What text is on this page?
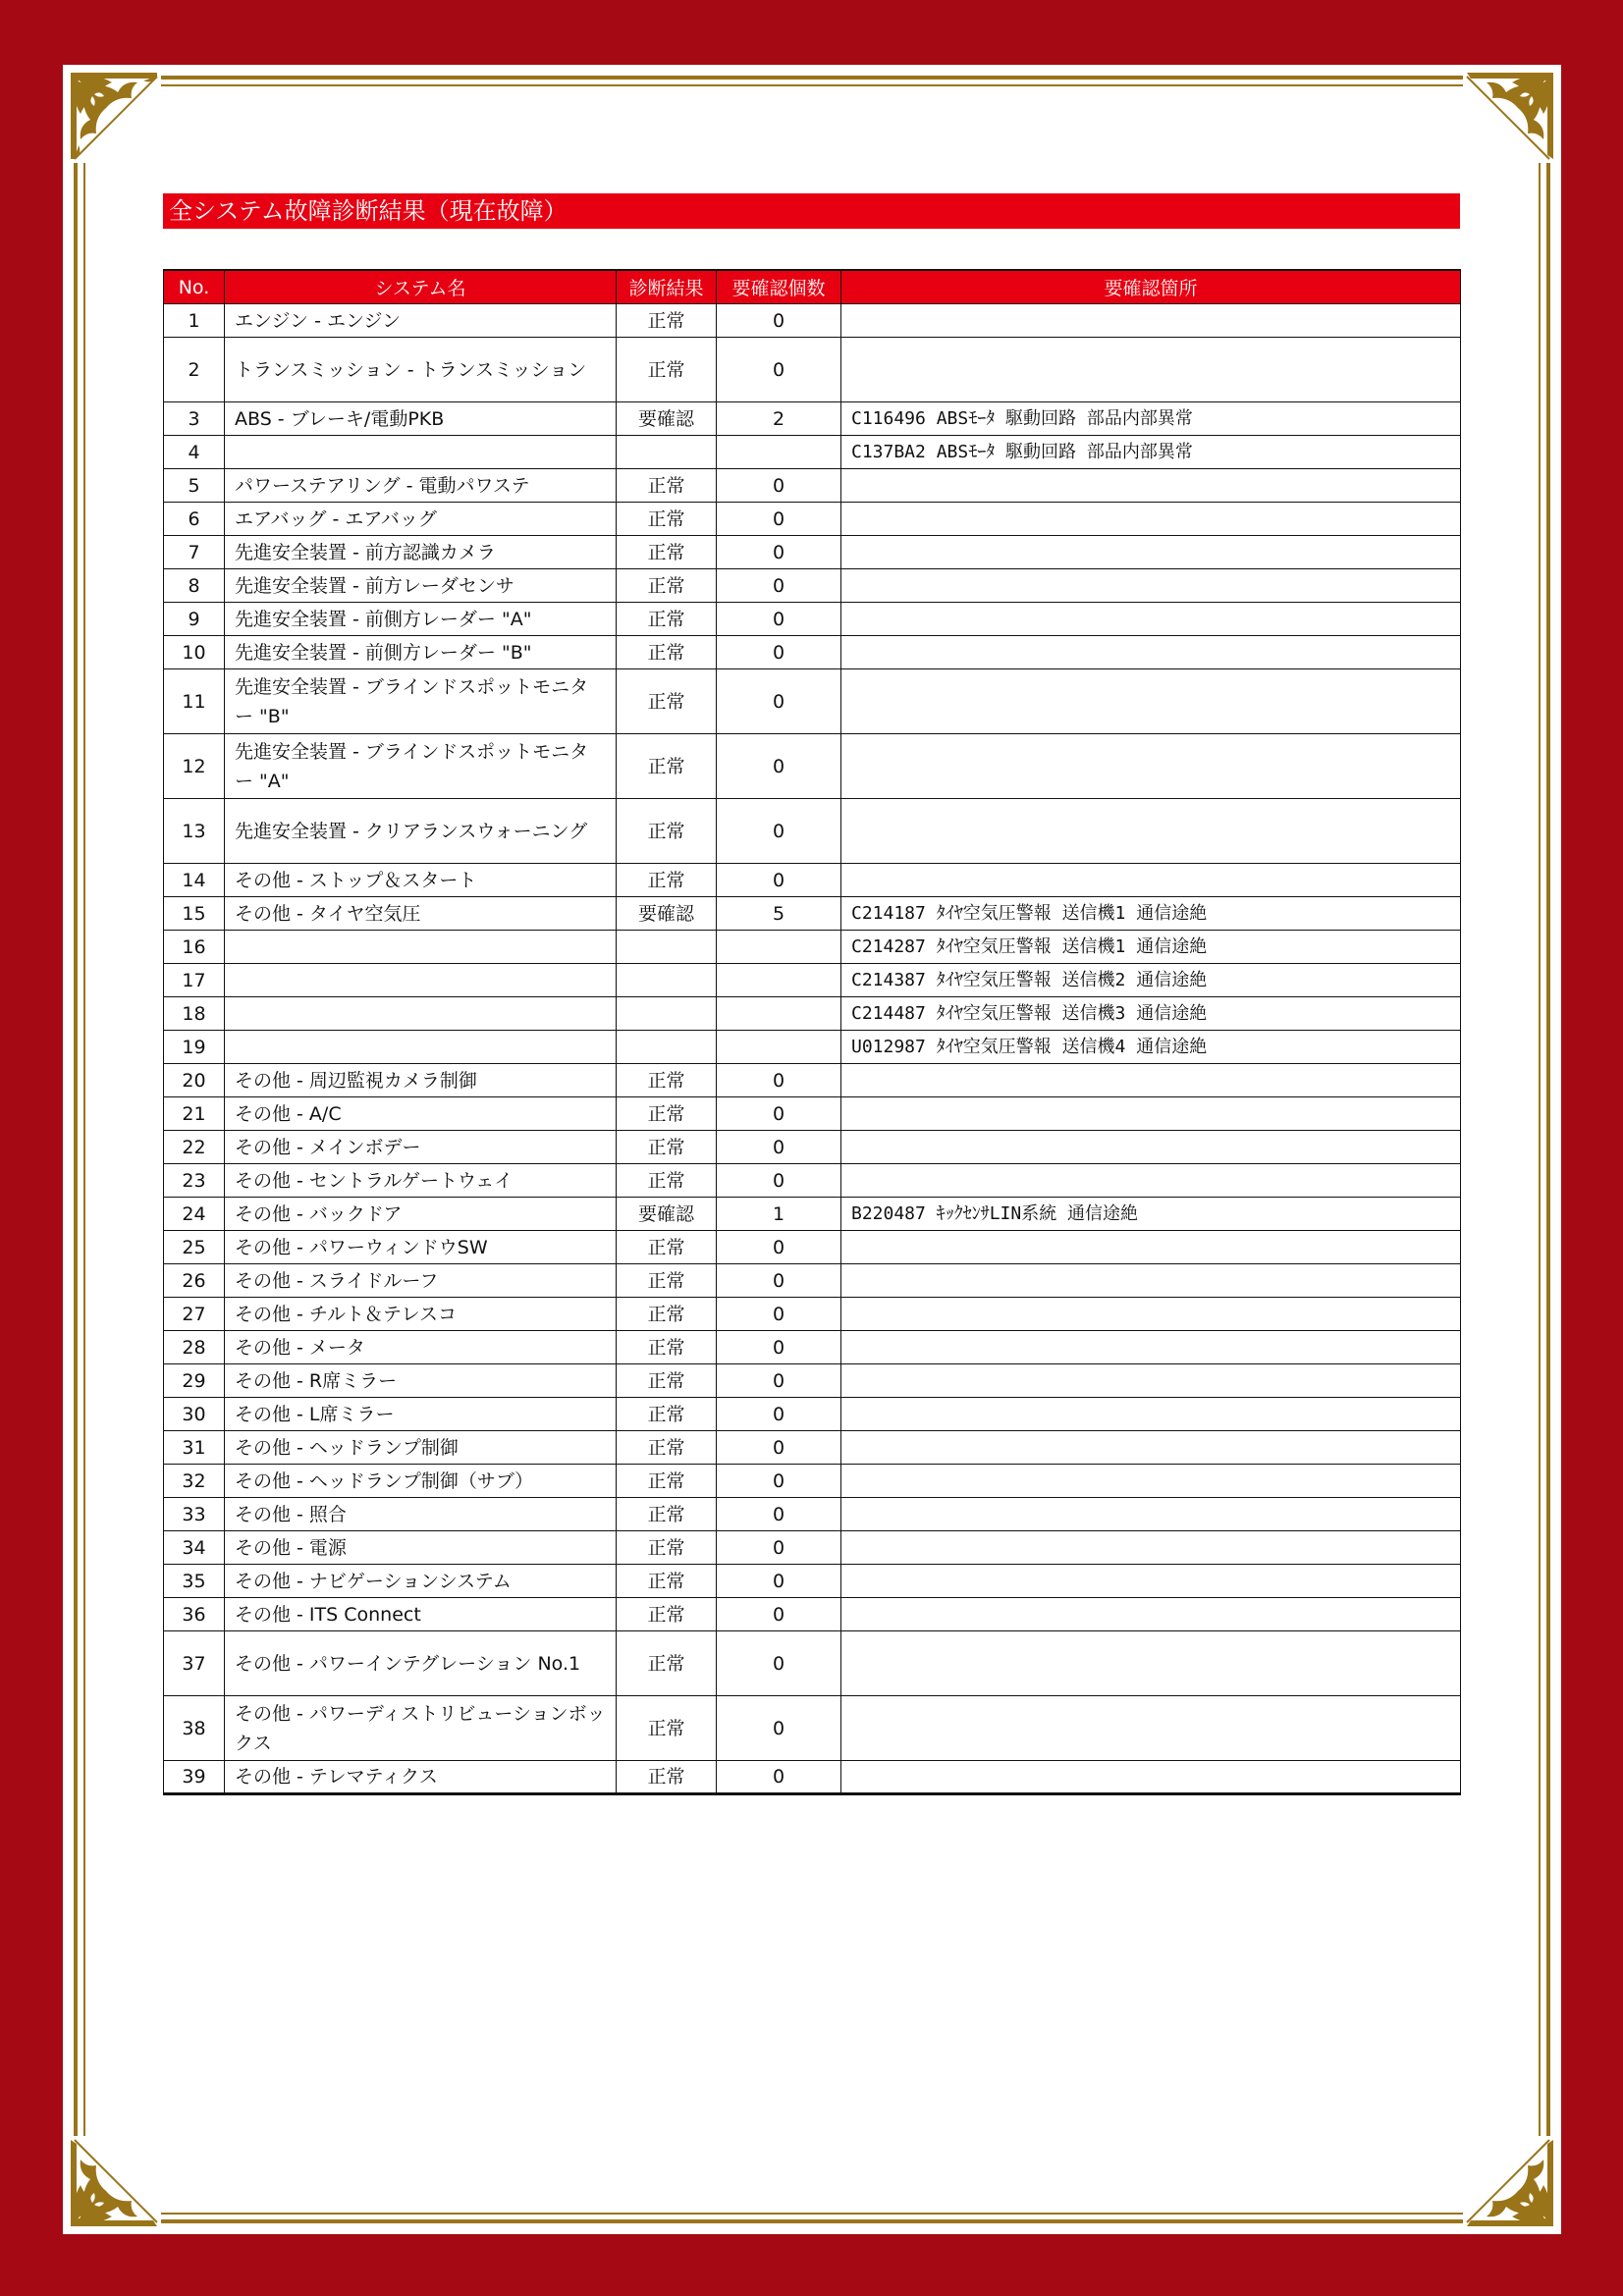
全システム故障診断結果（現在故障）
No.	システム名	診断結果	要確認個数	要確認箇所
1	エンジン - エンジン	正常	0	
2	トランスミッション - トランスミッション	正常	0	
3	ABS - ブレーキ/電動PKB	要確認	2	C116496 ABSﾓｰﾀ 駆動回路 部品内部異常
4				C137BA2 ABSﾓｰﾀ 駆動回路 部品内部異常
5	パワーステアリング - 電動パワステ	正常	0	
6	エアバッグ - エアバッグ	正常	0	
7	先進安全装置 - 前方認識カメラ	正常	0	
8	先進安全装置 - 前方レーダセンサ	正常	0	
9	先進安全装置 - 前側方レーダー "A"	正常	0	
10	先進安全装置 - 前側方レーダー "B"	正常	0	
11	先進安全装置 - ブラインドスポットモニター "B"	正常	0	
12	先進安全装置 - ブラインドスポットモニター "A"	正常	0	
13	先進安全装置 - クリアランスウォーニング	正常	0	
14	その他 - ストップ＆スタート	正常	0	
15	その他 - タイヤ空気圧	要確認	5	C214187 ﾀｲﾔ空気圧警報 送信機1 通信途絶
16				C214287 ﾀｲﾔ空気圧警報 送信機1 通信途絶
17				C214387 ﾀｲﾔ空気圧警報 送信機2 通信途絶
18				C214487 ﾀｲﾔ空気圧警報 送信機3 通信途絶
19				U012987 ﾀｲﾔ空気圧警報 送信機4 通信途絶
20	その他 - 周辺監視カメラ制御	正常	0	
21	その他 - A/C	正常	0	
22	その他 - メインボデー	正常	0	
23	その他 - セントラルゲートウェイ	正常	0	
24	その他 - バックドア	要確認	1	B220487 ｷｯｸｾﾝｻLIN系統 通信途絶
25	その他 - パワーウィンドウSW	正常	0	
26	その他 - スライドルーフ	正常	0	
27	その他 - チルト＆テレスコ	正常	0	
28	その他 - メータ	正常	0	
29	その他 - R席ミラー	正常	0	
30	その他 - L席ミラー	正常	0	
31	その他 - ヘッドランプ制御	正常	0	
32	その他 - ヘッドランプ制御（サブ）	正常	0	
33	その他 - 照合	正常	0	
34	その他 - 電源	正常	0	
35	その他 - ナビゲーションシステム	正常	0	
36	その他 - ITS Connect	正常	0	
37	その他 - パワーインテグレーション No.1	正常	0	
38	その他 - パワーディストリビューションボックス	正常	0	
39	その他 - テレマティクス	正常	0	
